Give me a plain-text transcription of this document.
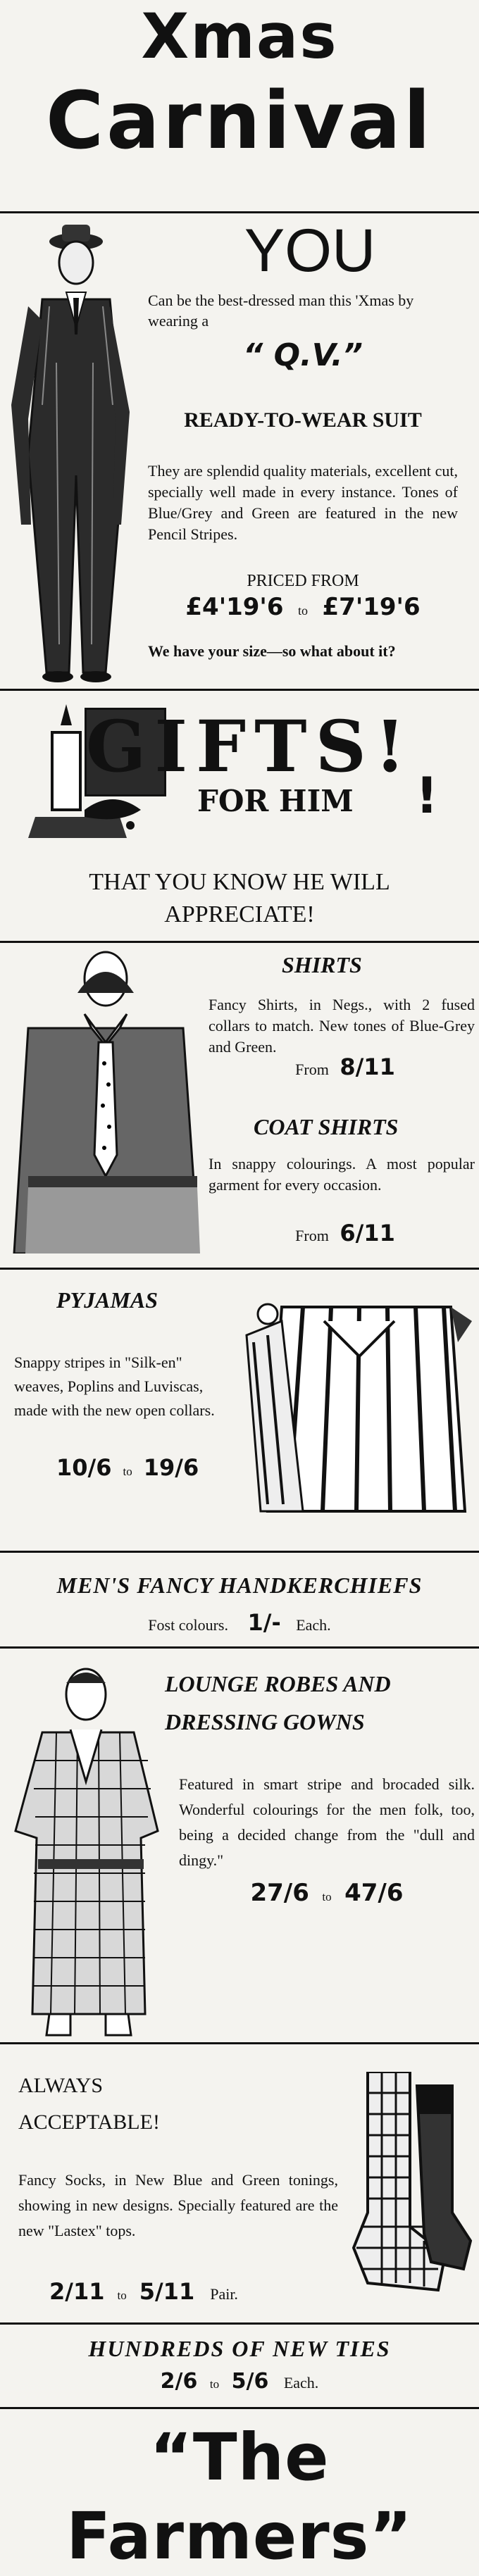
Xmas
Carnival
YOU

Can be the best-dressed man this 'Xmas by wearing a

“ Q.V.”

READY-TO-WEAR SUIT

They are splendid quality materials, excellent cut, specially well made in every instance. Tones of Blue/Grey and Green are featured in the new Pencil Stripes.

PRICED FROM

£4'19'6 to £7'19'6

We have your size—so what about it?

GIFTS!

FOR HIM	!

THAT YOU KNOW HE WILL APPRECIATE!

SHIRTS

Fancy Shirts, in Negs., with 2 fused collars to match. New tones of Blue-Grey and Green.

From 8/11

COAT SHIRTS

In snappy colourings. A most popular garment for every occasion.

From 6/11

PYJAMAS

Snappy stripes in "Silk-en" weaves, Poplins and Luviscas, made with the new open collars.

10/6 to 19/6

MEN'S FANCY HANDKERCHIEFS

Fost colours. 1/- Each.

LOUNGE ROBES AND

DRESSING GOWNS

Featured in smart stripe and brocaded silk. Wonderful colourings for the men folk, too, being a decided change from the "dull and dingy."

27/6 to 47/6

ALWAYS

ACCEPTABLE!

Fancy Socks, in New Blue and Green tonings, showing in new designs. Specially featured are the new "Lastex" tops.

2/11 to 5/11 Pair.

HUNDREDS OF NEW TIES

2/6 to 5/6 Each.

“The Farmers”
